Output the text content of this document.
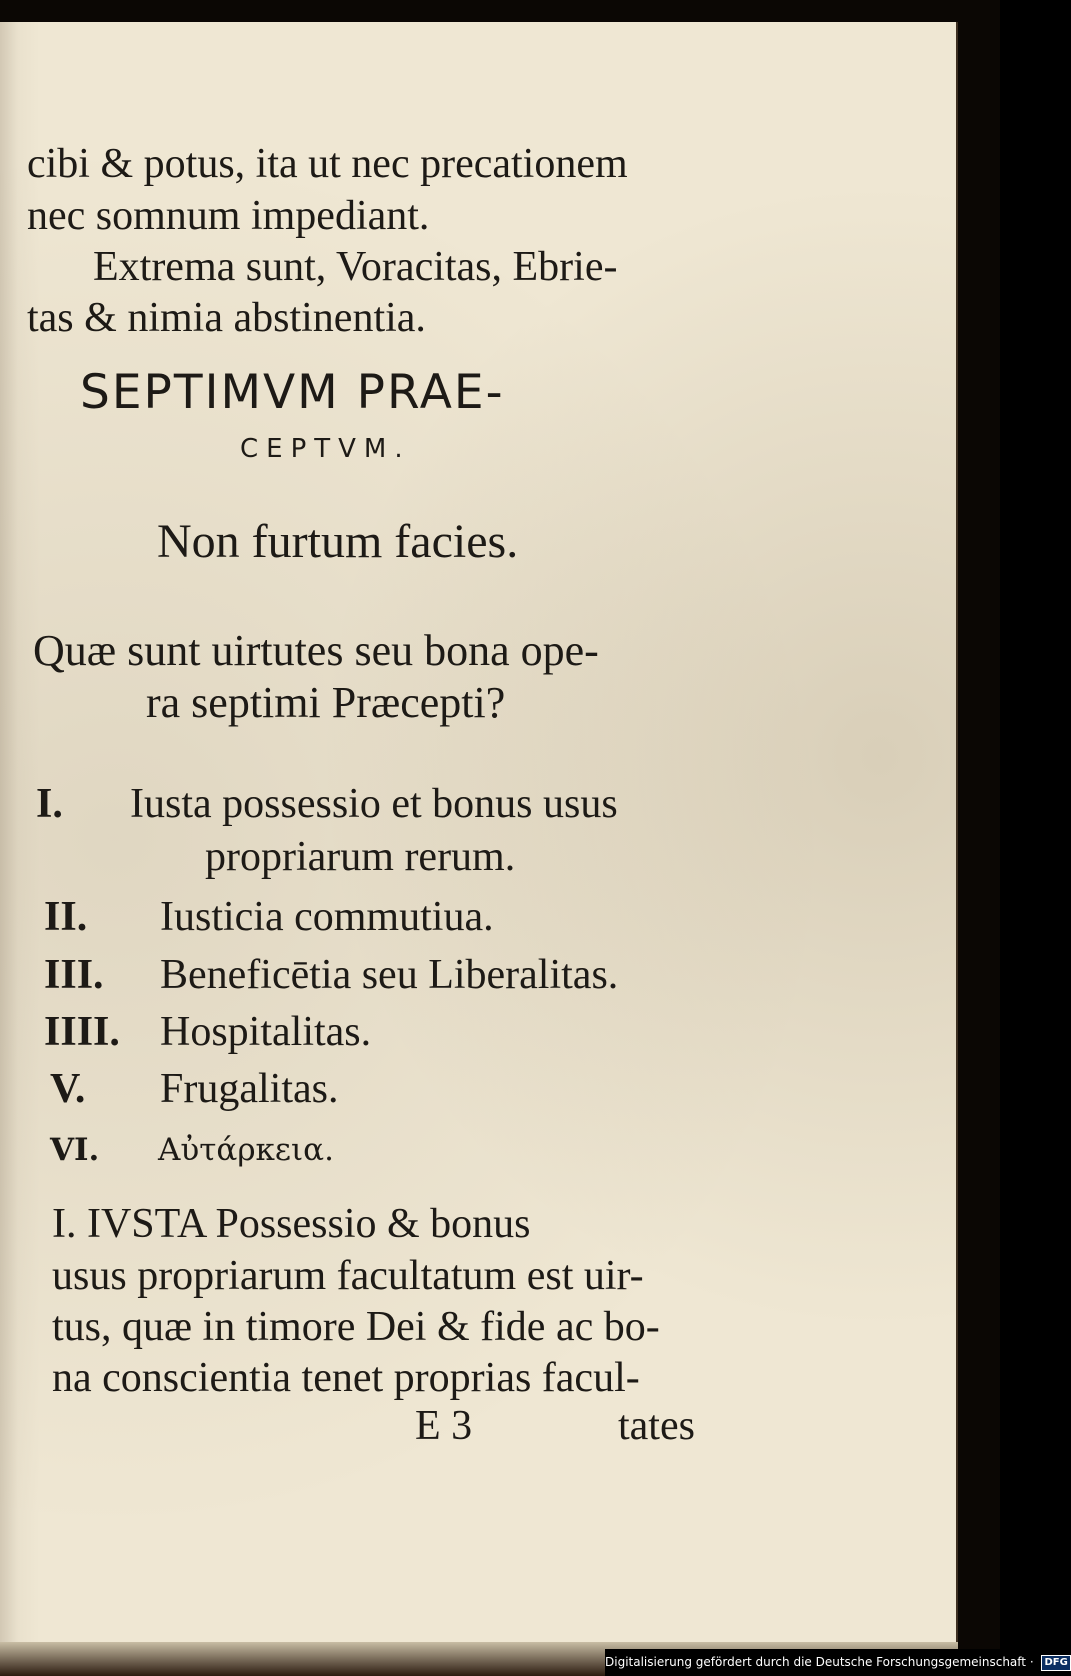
cibi & potus, ita ut nec precationem
nec somnum impediant.
Extrema sunt, Voracitas, Ebrie-
tas & nimia abstinentia.
SEPTIMVM PRAE-
CEPTVM.
Non furtum facies.
Quæ sunt uirtutes seu bona ope-
ra septimi Præcepti?
I. Iusta possessio et bonus usus
propriarum rerum.
II. Iusticia commutiua.
III. Beneficētia seu Liberalitas.
IIII. Hospitalitas.
V. Frugalitas.
VI. Αὐτάρκεια.
I. IVSTA Possessio & bonus
usus propriarum facultatum est uir-
tus, quæ in timore Dei & fide ac bo-
na conscientia tenet proprias facul-
E 3	tates
Digitalisierung gefördert durch die Deutsche Forschungsgemeinschaft · DFG
